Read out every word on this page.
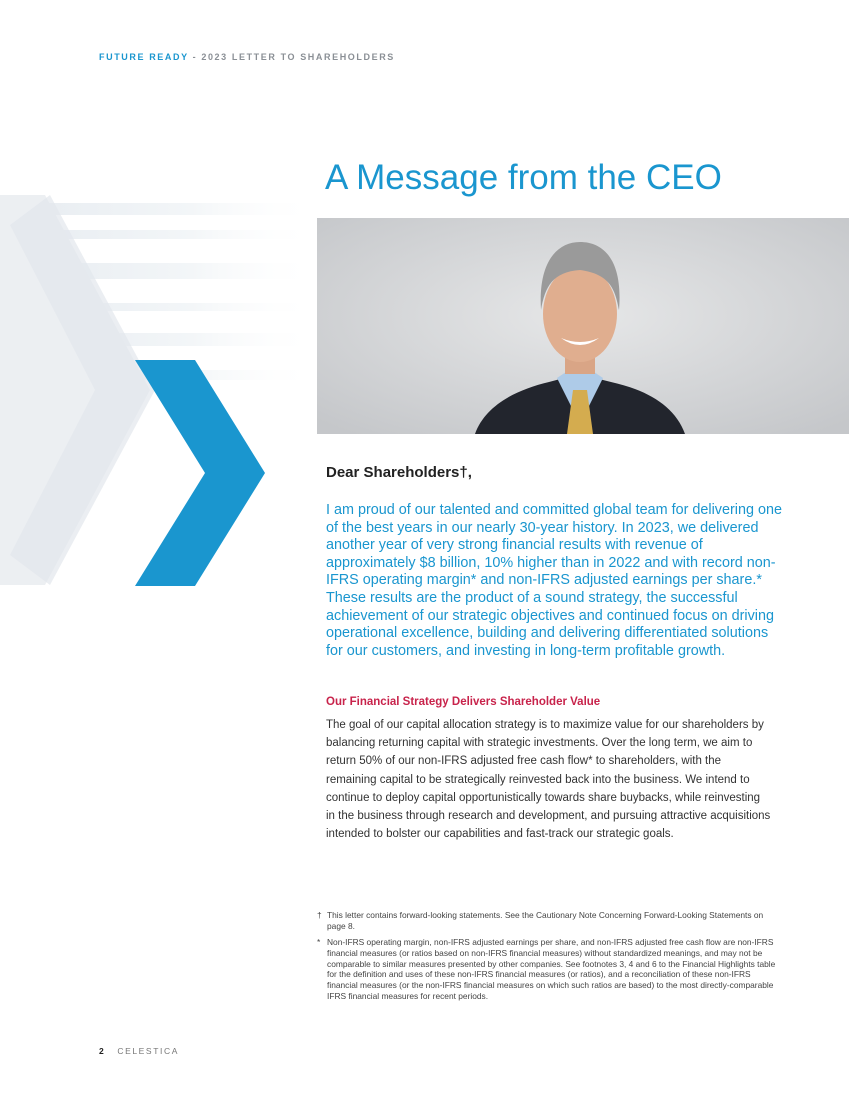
FUTURE READY - 2023 LETTER TO SHAREHOLDERS
A Message from the CEO
Dear Shareholders†,

I am proud of our talented and committed global team for delivering one of the best years in our nearly 30-year history. In 2023, we delivered another year of very strong financial results with revenue of approximately $8 billion, 10% higher than in 2022 and with record non-IFRS operating margin* and non-IFRS adjusted earnings per share.* These results are the product of a sound strategy, the successful achievement of our strategic objectives and continued focus on driving operational excellence, building and delivering differentiated solutions for our customers, and investing in long-term profitable growth.

Our Financial Strategy Delivers Shareholder Value

The goal of our capital allocation strategy is to maximize value for our shareholders by balancing returning capital with strategic investments. Over the long term, we aim to return 50% of our non-IFRS adjusted free cash flow* to shareholders, with the remaining capital to be strategically reinvested back into the business. We intend to continue to deploy capital opportunistically towards share buybacks, while reinvesting in the business through research and development, and pursuing attractive acquisitions intended to bolster our capabilities and fast-track our strategic goals.

† This letter contains forward-looking statements. See the Cautionary Note Concerning Forward-Looking Statements on page 8.
* Non-IFRS operating margin, non-IFRS adjusted earnings per share, and non-IFRS adjusted free cash flow are non-IFRS financial measures (or ratios based on non-IFRS financial measures) without standardized meanings, and may not be comparable to similar measures presented by other companies. See footnotes 3, 4 and 6 to the Financial Highlights table for the definition and uses of these non-IFRS financial measures (or ratios), and a reconciliation of these non-IFRS financial measures (or the non-IFRS financial measures on which such ratios are based) to the most directly-comparable IFRS financial measures for recent periods.
2 CELESTICA
